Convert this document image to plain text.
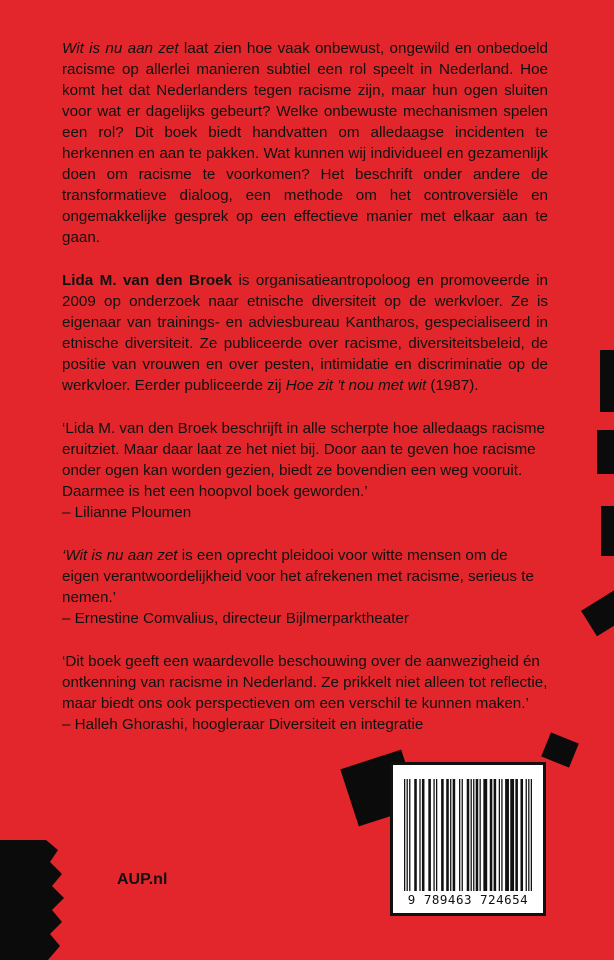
Wit is nu aan zet laat zien hoe vaak onbewust, ongewild en onbedoeld racisme op allerlei manieren subtiel een rol speelt in Nederland. Hoe komt het dat Nederlanders tegen racisme zijn, maar hun ogen sluiten voor wat er dagelijks gebeurt? Welke onbewuste mechanismen spelen een rol? Dit boek biedt handvatten om alledaagse incidenten te herkennen en aan te pakken. Wat kunnen wij individueel en gezamenlijk doen om racisme te voorkomen? Het beschrift onder andere de transformatieve dialoog, een methode om het controversiële en ongemakkelijke gesprek op een effectieve manier met elkaar aan te gaan.

Lida M. van den Broek is organisatieantropoloog en promoveerde in 2009 op onderzoek naar etnische diversiteit op de werkvloer. Ze is eigenaar van trainings- en adviesbureau Kantharos, gespecialiseerd in etnische diversiteit. Ze publiceerde over racisme, diversiteitsbeleid, de positie van vrouwen en over pesten, intimidatie en discriminatie op de werkvloer. Eerder publiceerde zij Hoe zit 't nou met wit (1987).

‘Lida M. van den Broek beschrijft in alle scherpte hoe alledaags racisme eruitziet. Maar daar laat ze het niet bij. Door aan te geven hoe racisme onder ogen kan worden gezien, biedt ze bovendien een weg vooruit. Daarmee is het een hoopvol boek geworden.’
– Lilianne Ploumen

‘Wit is nu aan zet is een oprecht pleidooi voor witte mensen om de eigen verantwoordelijkheid voor het afrekenen met racisme, serieus te nemen.’
– Ernestine Comvalius, directeur Bijlmerparktheater

‘Dit boek geeft een waardevolle beschouwing over de aanwezigheid én ontkenning van racisme in Nederland. Ze prikkelt niet alleen tot reflectie, maar biedt ons ook perspectieven om een verschil te kunnen maken.’
– Halleh Ghorashi, hoogleraar Diversiteit en integratie

AUP.nl
9 789463 724654
